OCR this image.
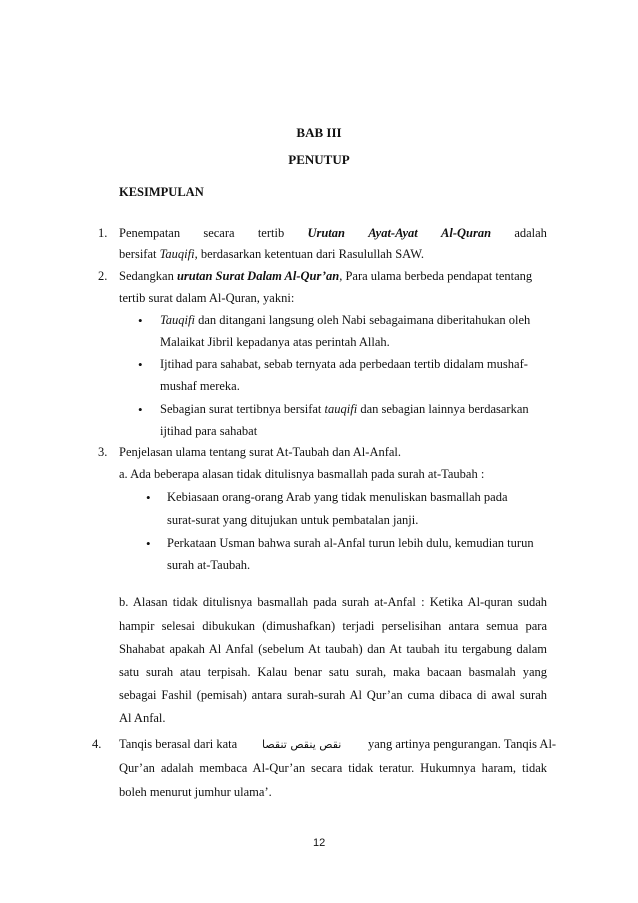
BAB III
PENUTUP
KESIMPULAN
1. Penempatan secara tertib Urutan Ayat-Ayat Al-Quran adalah
bersifat Tauqifi, berdasarkan ketentuan dari Rasulullah SAW.
2. Sedangkan urutan Surat Dalam Al-Qur’an, Para ulama berbeda pendapat tentang
tertib surat dalam Al-Quran, yakni:
• Tauqifi dan ditangani langsung oleh Nabi sebagaimana diberitahukan oleh
Malaikat Jibril kepadanya atas perintah Allah.
• Ijtihad para sahabat, sebab ternyata ada perbedaan tertib didalam mushaf-
mushaf mereka.
• Sebagian surat tertibnya bersifat tauqifi dan sebagian lainnya berdasarkan
ijtihad para sahabat
3. Penjelasan ulama tentang surat At-Taubah dan Al-Anfal.
a. Ada beberapa alasan tidak ditulisnya basmallah pada surah at-Taubah :
• Kebiasaan orang-orang Arab yang tidak menuliskan basmallah pada
surat-surat yang ditujukan untuk pembatalan janji.
• Perkataan Usman bahwa surah al-Anfal turun lebih dulu, kemudian turun
surah at-Taubah.
b. Alasan tidak ditulisnya basmallah pada surah at-Anfal : Ketika Al-quran sudah
hampir selesai dibukukan (dimushafkan) terjadi perselisihan antara semua para
Shahabat apakah Al Anfal (sebelum At taubah) dan At taubah itu tergabung dalam
satu surah atau terpisah. Kalau benar satu surah, maka bacaan basmalah yang
sebagai Fashil (pemisah) antara surah-surah Al Qur’an cuma dibaca di awal surah
Al Anfal.
4. Tanqis berasal dari kata نقص ينقص تنقصا yang artinya pengurangan. Tanqis Al-
Qur’an adalah membaca Al-Qur’an secara tidak teratur. Hukumnya haram, tidak
boleh menurut jumhur ulama’.
12
